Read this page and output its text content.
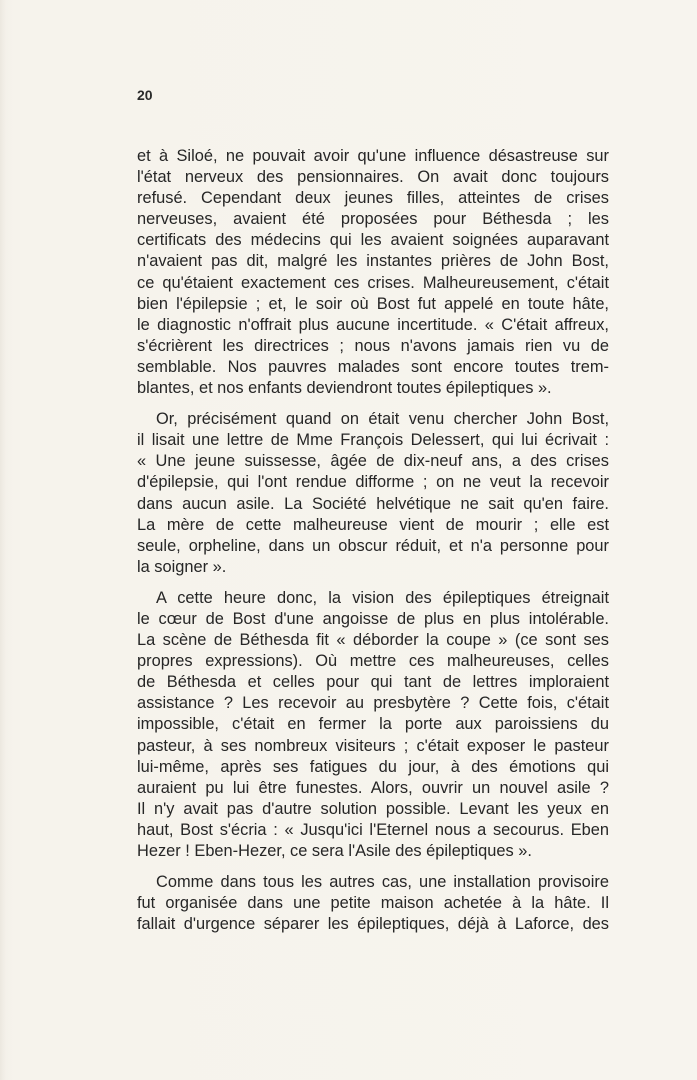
20
et à Siloé, ne pouvait avoir qu'une influence désastreuse sur
l'état nerveux des pensionnaires. On avait donc toujours
refusé. Cependant deux jeunes filles, atteintes de crises
nerveuses, avaient été proposées pour Béthesda ; les
certificats des médecins qui les avaient soignées auparavant
n'avaient pas dit, malgré les instantes prières de John Bost,
ce qu'étaient exactement ces crises. Malheureusement, c'était
bien l'épilepsie ; et, le soir où Bost fut appelé en toute hâte,
le diagnostic n'offrait plus aucune incertitude. « C'était affreux,
s'écrièrent les directrices ; nous n'avons jamais rien vu de
semblable. Nos pauvres malades sont encore toutes trem-
blantes, et nos enfants deviendront toutes épileptiques ».
Or, précisément quand on était venu chercher John Bost,
il lisait une lettre de Mme François Delessert, qui lui écrivait :
« Une jeune suissesse, âgée de dix-neuf ans, a des crises
d'épilepsie, qui l'ont rendue difforme ; on ne veut la recevoir
dans aucun asile. La Société helvétique ne sait qu'en faire.
La mère de cette malheureuse vient de mourir ; elle est
seule, orpheline, dans un obscur réduit, et n'a personne pour
la soigner ».
A cette heure donc, la vision des épileptiques étreignait
le cœur de Bost d'une angoisse de plus en plus intolérable.
La scène de Béthesda fit « déborder la coupe » (ce sont ses
propres expressions). Où mettre ces malheureuses, celles
de Béthesda et celles pour qui tant de lettres imploraient
assistance ? Les recevoir au presbytère ? Cette fois, c'était
impossible, c'était en fermer la porte aux paroissiens du
pasteur, à ses nombreux visiteurs ; c'était exposer le pasteur
lui-même, après ses fatigues du jour, à des émotions qui
auraient pu lui être funestes. Alors, ouvrir un nouvel asile ?
Il n'y avait pas d'autre solution possible. Levant les yeux en
haut, Bost s'écria : « Jusqu'ici l'Eternel nous a secourus. Eben
Hezer ! Eben-Hezer, ce sera l'Asile des épileptiques ».
Comme dans tous les autres cas, une installation provisoire
fut organisée dans une petite maison achetée à la hâte. Il
fallait d'urgence séparer les épileptiques, déjà à Laforce, des
